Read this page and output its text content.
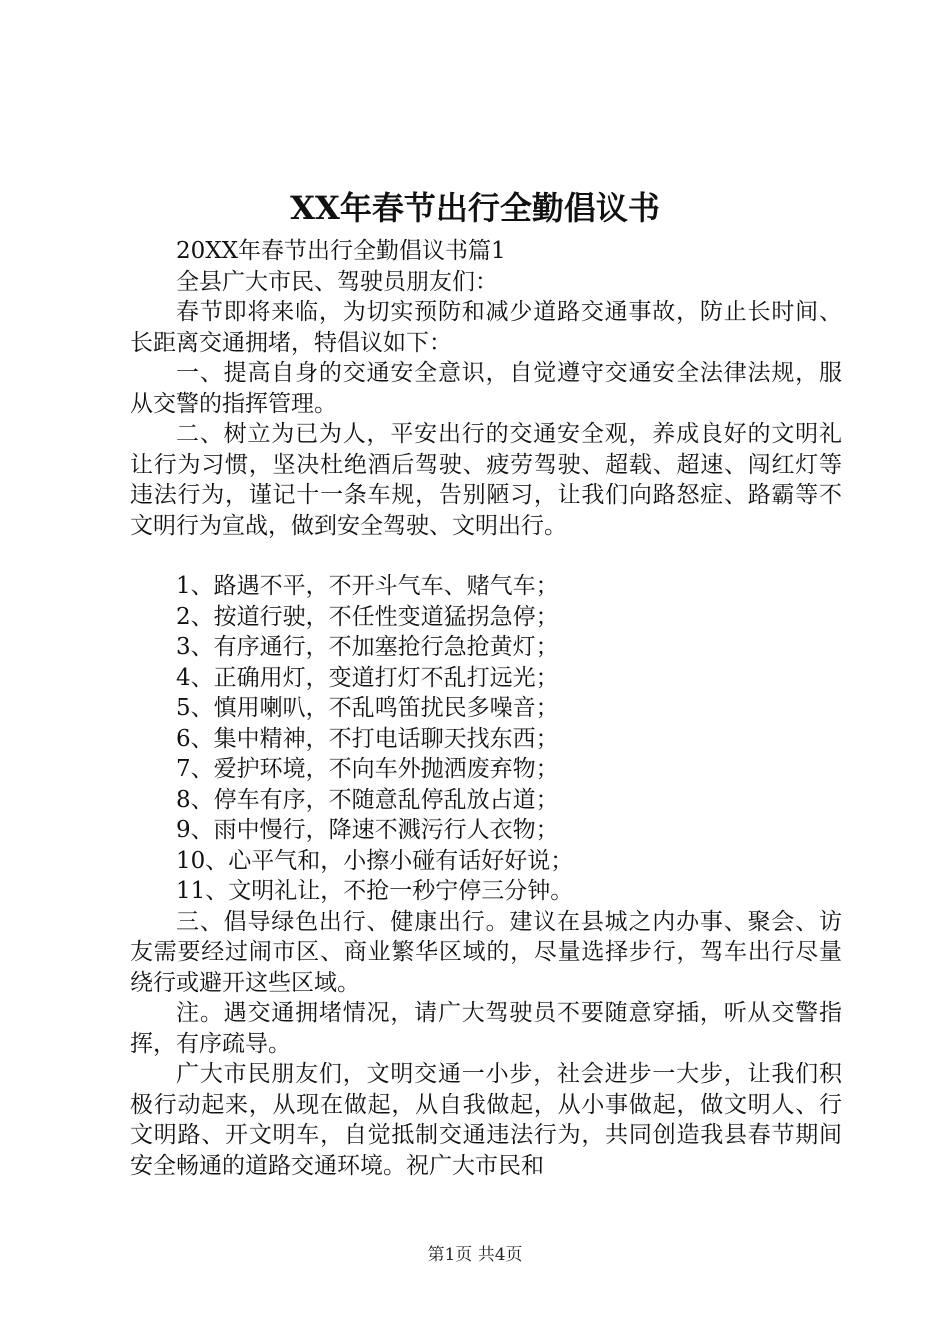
XX年春节出行全勤倡议书

20XX年春节出行全勤倡议书篇1

全县广大市民、驾驶员朋友们：

春节即将来临，为切实预防和减少道路交通事故，防止长时间、长距离交通拥堵，特倡议如下：

一、提高自身的交通安全意识，自觉遵守交通安全法律法规，服从交警的指挥管理。

二、树立为已为人，平安出行的交通安全观，养成良好的文明礼让行为习惯，坚决杜绝酒后驾驶、疲劳驾驶、超载、超速、闯红灯等违法行为，谨记十一条车规，告别陋习，让我们向路怒症、路霸等不文明行为宣战，做到安全驾驶、文明出行。

1、路遇不平，不开斗气车、赌气车；

2、按道行驶，不任性变道猛拐急停；

3、有序通行，不加塞抢行急抢黄灯；

4、正确用灯，变道打灯不乱打远光；

5、慎用喇叭，不乱鸣笛扰民多噪音；

6、集中精神，不打电话聊天找东西；

7、爱护环境，不向车外抛洒废弃物；

8、停车有序，不随意乱停乱放占道；

9、雨中慢行，降速不溅污行人衣物；

10、心平气和，小擦小碰有话好好说；

11、文明礼让，不抢一秒宁停三分钟。

三、倡导绿色出行、健康出行。建议在县城之内办事、聚会、访友需要经过闹市区、商业繁华区域的，尽量选择步行，驾车出行尽量绕行或避开这些区域。

注。遇交通拥堵情况，请广大驾驶员不要随意穿插，听从交警指挥，有序疏导。

广大市民朋友们，文明交通一小步，社会进步一大步，让我们积极行动起来，从现在做起，从自我做起，从小事做起，做文明人、行文明路、开文明车，自觉抵制交通违法行为，共同创造我县春节期间安全畅通的道路交通环境。祝广大市民和

第1页 共4页
